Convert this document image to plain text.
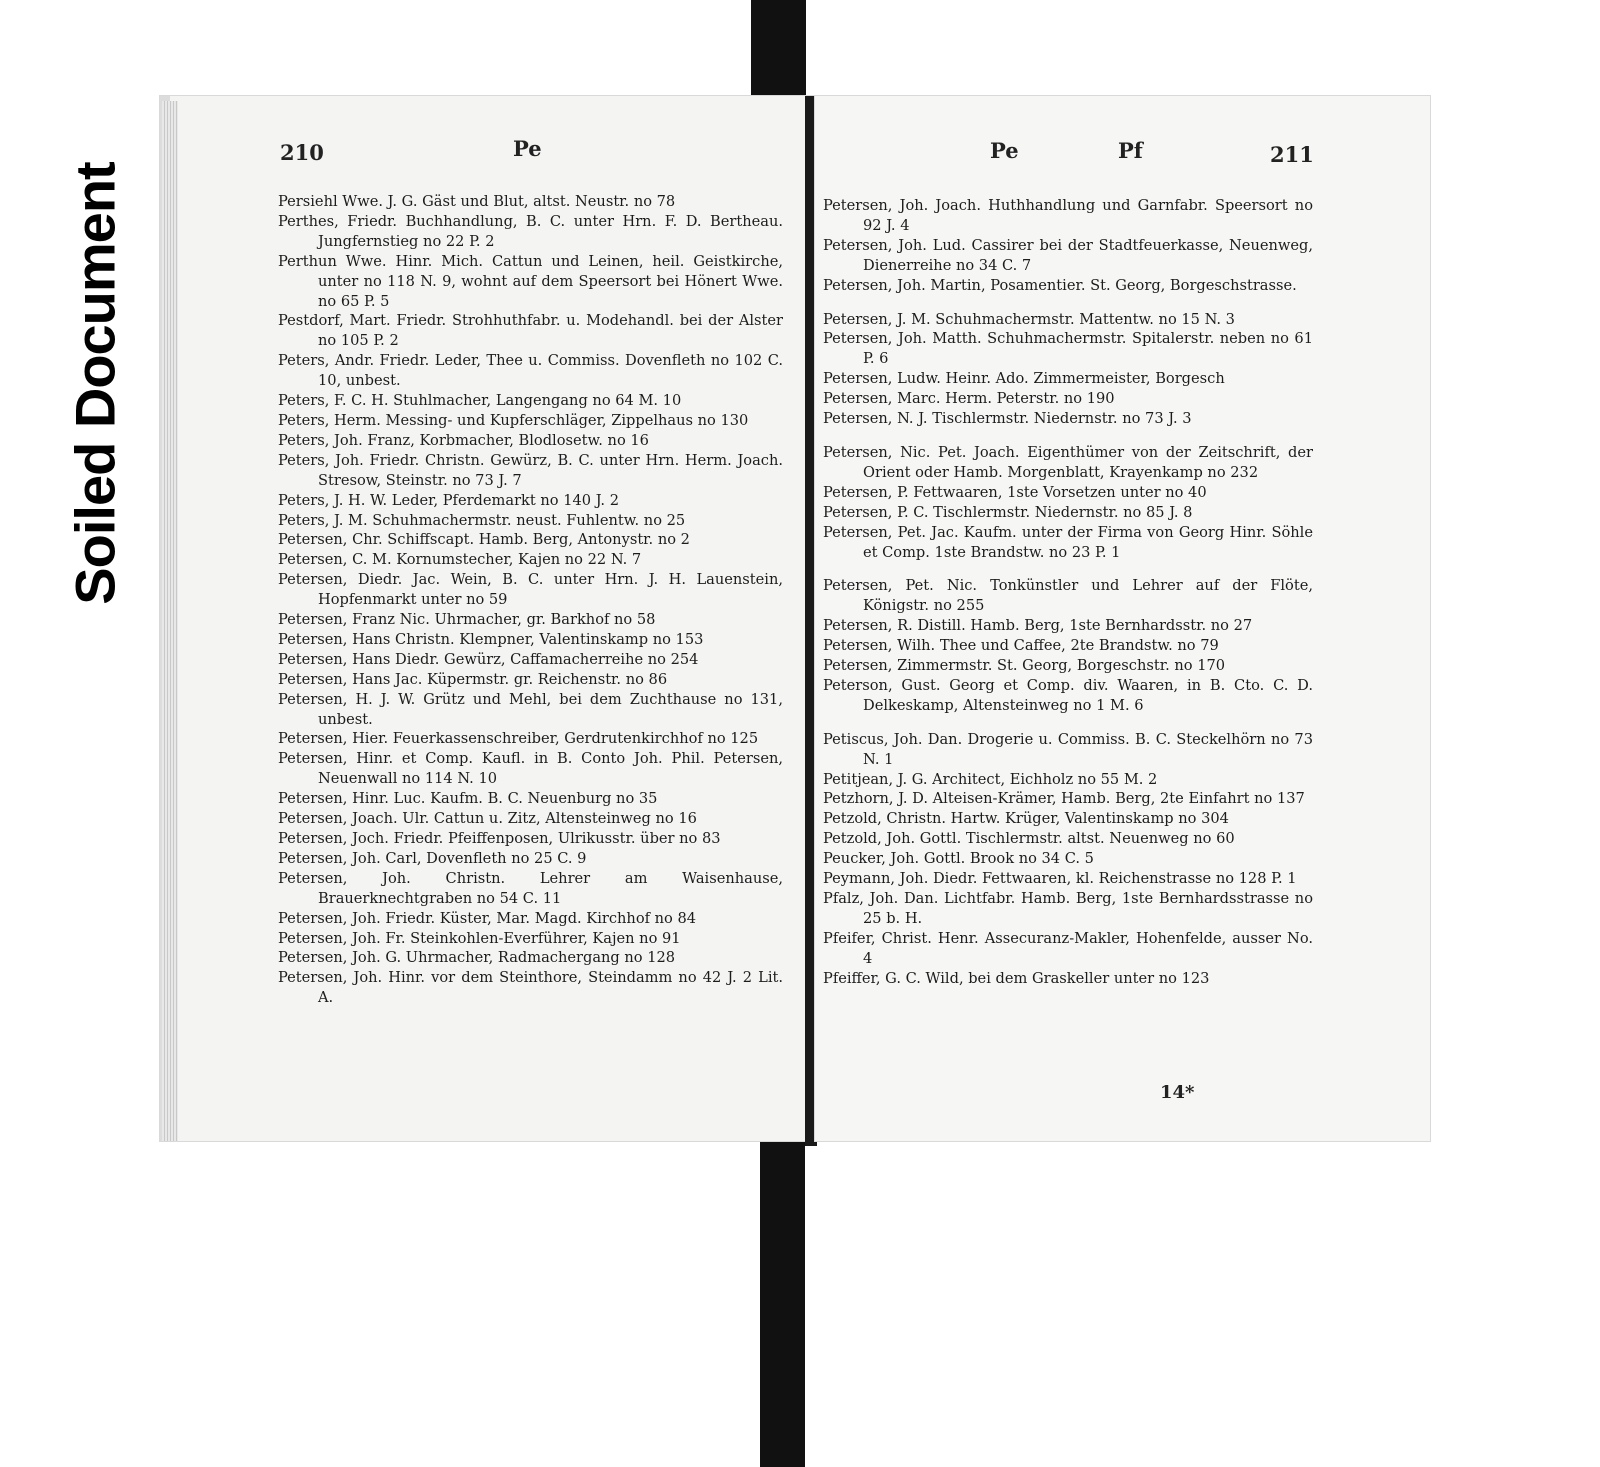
Soiled Document
210	Pe

Persiehl Wwe. J. G. Gäst und Blut, altst. Neustr. no 78

Perthes, Friedr. Buchhandlung, B. C. unter Hrn. F. D. Bertheau. Jungfernstieg no 22 P. 2

Perthun Wwe. Hinr. Mich. Cattun und Leinen, heil. Geistkirche, unter no 118 N. 9, wohnt auf dem Speersort bei Hönert Wwe. no 65 P. 5

Pestdorf, Mart. Friedr. Strohhuthfabr. u. Modehandl. bei der Alster no 105 P. 2

Peters, Andr. Friedr. Leder, Thee u. Commiss. Dovenfleth no 102 C. 10, unbest.

Peters, F. C. H. Stuhlmacher, Langengang no 64 M. 10

Peters, Herm. Messing- und Kupferschläger, Zippelhaus no 130

Peters, Joh. Franz, Korbmacher, Blodlosetw. no 16

Peters, Joh. Friedr. Christn. Gewürz, B. C. unter Hrn. Herm. Joach. Stresow, Steinstr. no 73 J. 7

Peters, J. H. W. Leder, Pferdemarkt no 140 J. 2

Peters, J. M. Schuhmachermstr. neust. Fuhlentw. no 25

Petersen, Chr. Schiffscapt. Hamb. Berg, Antonystr. no 2

Petersen, C. M. Kornumstecher, Kajen no 22 N. 7

Petersen, Diedr. Jac. Wein, B. C. unter Hrn. J. H. Lauenstein, Hopfenmarkt unter no 59

Petersen, Franz Nic. Uhrmacher, gr. Barkhof no 58

Petersen, Hans Christn. Klempner, Valentinskamp no 153

Petersen, Hans Diedr. Gewürz, Caffamacherreihe no 254

Petersen, Hans Jac. Küpermstr. gr. Reichenstr. no 86

Petersen, H. J. W. Grütz und Mehl, bei dem Zuchthause no 131, unbest.

Petersen, Hier. Feuerkassenschreiber, Gerdrutenkirchhof no 125

Petersen, Hinr. et Comp. Kaufl. in B. Conto Joh. Phil. Petersen, Neuenwall no 114 N. 10

Petersen, Hinr. Luc. Kaufm. B. C. Neuenburg no 35

Petersen, Joach. Ulr. Cattun u. Zitz, Altensteinweg no 16

Petersen, Joch. Friedr. Pfeiffenposen, Ulrikusstr. über no 83

Petersen, Joh. Carl, Dovenfleth no 25 C. 9

Petersen, Joh. Christn. Lehrer am Waisenhause, Brauerknechtgraben no 54 C. 11

Petersen, Joh. Friedr. Küster, Mar. Magd. Kirchhof no 84

Petersen, Joh. Fr. Steinkohlen-Everführer, Kajen no 91

Petersen, Joh. G. Uhrmacher, Radmachergang no 128

Petersen, Joh. Hinr. vor dem Steinthore, Steindamm no 42 J. 2 Lit. A.

Pe	Pf	211

Petersen, Joh. Joach. Huthhandlung und Garnfabr. Speersort no 92 J. 4

Petersen, Joh. Lud. Cassirer bei der Stadtfeuerkasse, Neuenweg, Dienerreihe no 34 C. 7

Petersen, Joh. Martin, Posamentier. St. Georg, Borgeschstrasse.

Petersen, J. M. Schuhmachermstr. Mattentw. no 15 N. 3

Petersen, Joh. Matth. Schuhmachermstr. Spitalerstr. neben no 61 P. 6

Petersen, Ludw. Heinr. Ado. Zimmermeister, Borgesch

Petersen, Marc. Herm. Peterstr. no 190

Petersen, N. J. Tischlermstr. Niedernstr. no 73 J. 3

Petersen, Nic. Pet. Joach. Eigenthümer von der Zeitschrift, der Orient oder Hamb. Morgenblatt, Krayenkamp no 232

Petersen, P. Fettwaaren, 1ste Vorsetzen unter no 40

Petersen, P. C. Tischlermstr. Niedernstr. no 85 J. 8

Petersen, Pet. Jac. Kaufm. unter der Firma von Georg Hinr. Söhle et Comp. 1ste Brandstw. no 23 P. 1

Petersen, Pet. Nic. Tonkünstler und Lehrer auf der Flöte, Königstr. no 255

Petersen, R. Distill. Hamb. Berg, 1ste Bernhardsstr. no 27

Petersen, Wilh. Thee und Caffee, 2te Brandstw. no 79

Petersen, Zimmermstr. St. Georg, Borgeschstr. no 170

Peterson, Gust. Georg et Comp. div. Waaren, in B. Cto. C. D. Delkeskamp, Altensteinweg no 1 M. 6

Petiscus, Joh. Dan. Drogerie u. Commiss. B. C. Steckelhörn no 73 N. 1

Petitjean, J. G. Architect, Eichholz no 55 M. 2

Petzhorn, J. D. Alteisen-Krämer, Hamb. Berg, 2te Einfahrt no 137

Petzold, Christn. Hartw. Krüger, Valentinskamp no 304

Petzold, Joh. Gottl. Tischlermstr. altst. Neuenweg no 60

Peucker, Joh. Gottl. Brook no 34 C. 5

Peymann, Joh. Diedr. Fettwaaren, kl. Reichenstrasse no 128 P. 1

Pfalz, Joh. Dan. Lichtfabr. Hamb. Berg, 1ste Bernhardsstrasse no 25 b. H.

Pfeifer, Christ. Henr. Assecuranz-Makler, Hohenfelde, ausser No. 4

Pfeiffer, G. C. Wild, bei dem Graskeller unter no 123

14*
